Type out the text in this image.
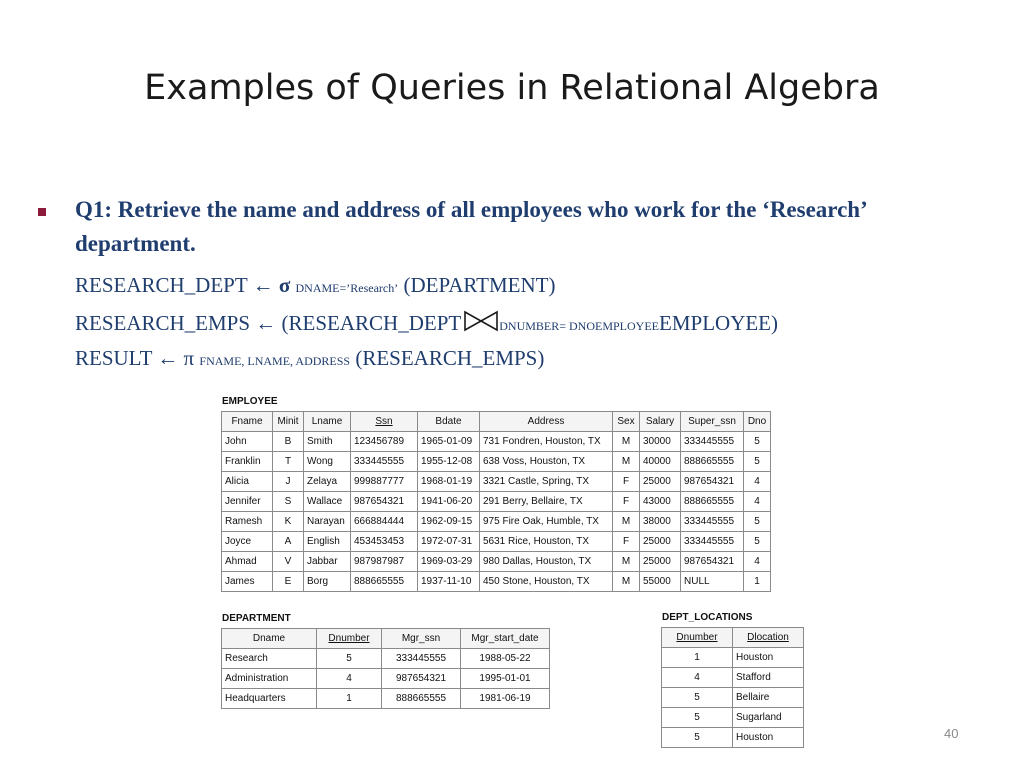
Examples of Queries in Relational Algebra
Q1: Retrieve the name and address of all employees who work for the ‘Research’ department.
RESEARCH_DEPT ← σ DNAME=’Research’ (DEPARTMENT)
RESEARCH_EMPS ← (RESEARCH_DEPT	DNUMBER= DNOEMPLOYEEEMPLOYEE)
RESULT ← π FNAME, LNAME, ADDRESS (RESEARCH_EMPS)
EMPLOYEE
Fname	Minit	Lname	Ssn	Bdate	Address	Sex	Salary	Super_ssn	Dno
John	B	Smith	123456789	1965-01-09	731 Fondren, Houston, TX	M	30000	333445555	5
Franklin	T	Wong	333445555	1955-12-08	638 Voss, Houston, TX	M	40000	888665555	5
Alicia	J	Zelaya	999887777	1968-01-19	3321 Castle, Spring, TX	F	25000	987654321	4
Jennifer	S	Wallace	987654321	1941-06-20	291 Berry, Bellaire, TX	F	43000	888665555	4
Ramesh	K	Narayan	666884444	1962-09-15	975 Fire Oak, Humble, TX	M	38000	333445555	5
Joyce	A	English	453453453	1972-07-31	5631 Rice, Houston, TX	F	25000	333445555	5
Ahmad	V	Jabbar	987987987	1969-03-29	980 Dallas, Houston, TX	M	25000	987654321	4
James	E	Borg	888665555	1937-11-10	450 Stone, Houston, TX	M	55000	NULL	1
DEPARTMENT
Dname	Dnumber	Mgr_ssn	Mgr_start_date
Research	5	333445555	1988-05-22
Administration	4	987654321	1995-01-01
Headquarters	1	888665555	1981-06-19
DEPT_LOCATIONS
Dnumber	Dlocation
1	Houston
4	Stafford
5	Bellaire
5	Sugarland
5	Houston	40
